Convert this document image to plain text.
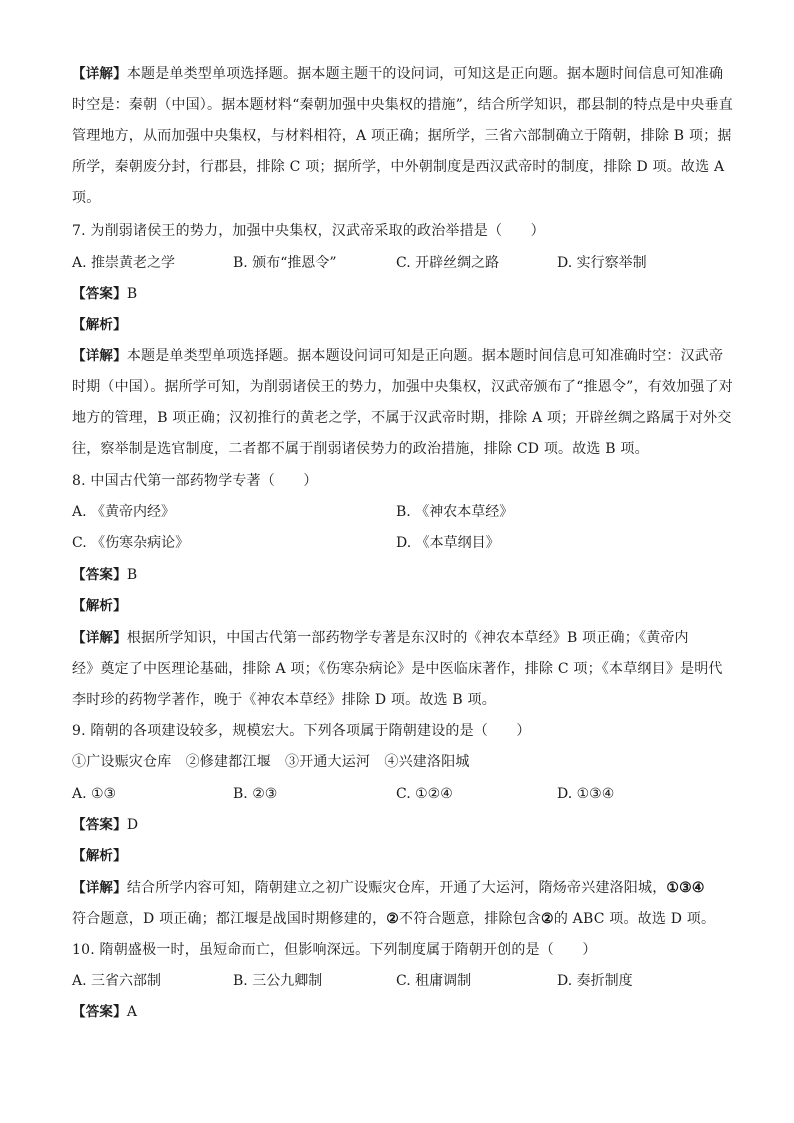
【详解】本题是单类型单项选择题。据本题主题干的设问词，可知这是正向题。据本题时间信息可知准确
时空是：秦朝（中国）。据本题材料“秦朝加强中央集权的措施”，结合所学知识，郡县制的特点是中央垂直
管理地方，从而加强中央集权，与材料相符，A 项正确；据所学，三省六部制确立于隋朝，排除 B 项；据
所学，秦朝废分封，行郡县，排除 C 项；据所学，中外朝制度是西汉武帝时的制度，排除 D 项。故选 A
项。
7. 为削弱诸侯王的势力，加强中央集权，汉武帝采取的政治举措是（　　）
A. 推崇黄老之学	B. 颁布“推恩令”	C. 开辟丝绸之路	D. 实行察举制
【答案】B
【解析】
【详解】本题是单类型单项选择题。据本题设问词可知是正向题。据本题时间信息可知准确时空：汉武帝
时期（中国）。据所学可知，为削弱诸侯王的势力，加强中央集权，汉武帝颁布了“推恩令”，有效加强了对
地方的管理，B 项正确；汉初推行的黄老之学，不属于汉武帝时期，排除 A 项；开辟丝绸之路属于对外交
往，察举制是选官制度，二者都不属于削弱诸侯势力的政治措施，排除 CD 项。故选 B 项。
8. 中国古代第一部药物学专著（　　）
A. 《黄帝内经》	B. 《神农本草经》
C. 《伤寒杂病论》	D. 《本草纲目》
【答案】B
【解析】
【详解】根据所学知识，中国古代第一部药物学专著是东汉时的《神农本草经》B 项正确；《黄帝内
经》奠定了中医理论基础，排除 A 项；《伤寒杂病论》是中医临床著作，排除 C 项；《本草纲目》是明代
李时珍的药物学著作，晚于《神农本草经》排除 D 项。故选 B 项。
9. 隋朝的各项建设较多，规模宏大。下列各项属于隋朝建设的是（　　）
①广设赈灾仓库　②修建都江堰　③开通大运河　④兴建洛阳城
A. ①③	B. ②③	C. ①②④	D. ①③④
【答案】D
【解析】
【详解】结合所学内容可知，隋朝建立之初广设赈灾仓库，开通了大运河，隋炀帝兴建洛阳城，①③④
符合题意，D 项正确；都江堰是战国时期修建的，②不符合题意，排除包含②的 ABC 项。故选 D 项。
10. 隋朝盛极一时，虽短命而亡，但影响深远。下列制度属于隋朝开创的是（　　）
A. 三省六部制	B. 三公九卿制	C. 租庸调制	D. 奏折制度
【答案】A
